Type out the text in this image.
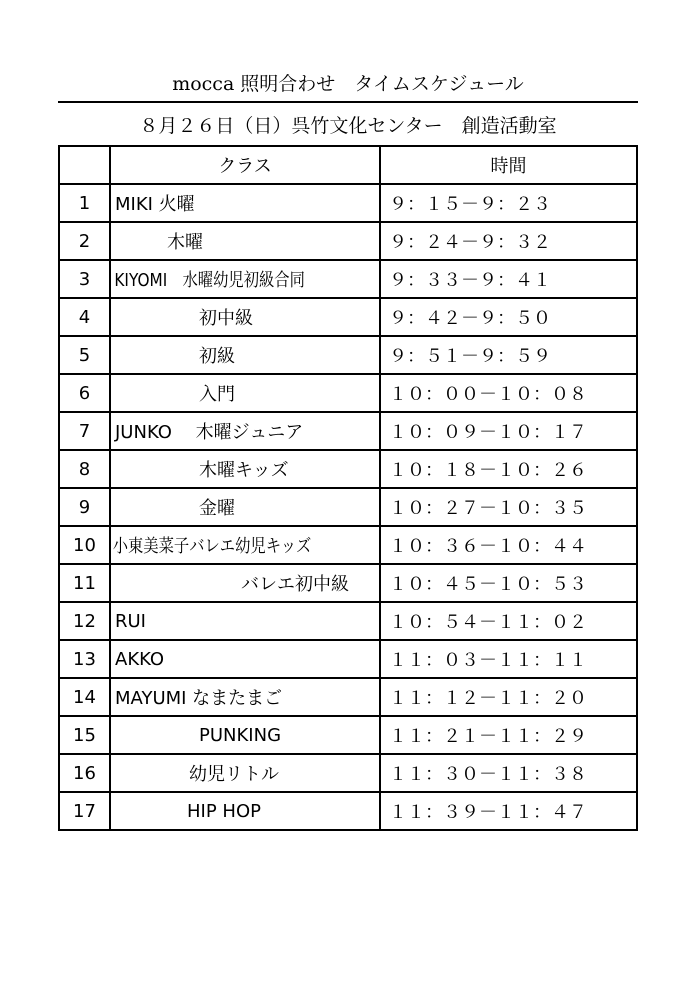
mocca 照明合わせ　タイムスケジュール
８月２６日（日）呉竹文化センター　創造活動室
	クラス	時間
1	MIKI 火曜	９：１５－９：２３
2	木曜	９：２４－９：３２
3	KIYOMI　水曜幼児初級合同	９：３３－９：４１
4	初中級	９：４２－９：５０
5	初級	９：５１－９：５９
6	入門	１０：００－１０：０８
7	JUNKO　 木曜ジュニア	１０：０９－１０：１７
8	木曜キッズ	１０：１８－１０：２６
9	金曜	１０：２７－１０：３５
10	小東美菜子バレエ幼児キッズ	１０：３６－１０：４４
11	バレエ初中級	１０：４５－１０：５３
12	RUI	１０：５４－１１：０２
13	AKKO	１１：０３－１１：１１
14	MAYUMI なまたまご	１１：１２－１１：２０
15	PUNKING	１１：２１－１１：２９
16	幼児リトル	１１：３０－１１：３８
17	HIP HOP	１１：３９－１１：４７
